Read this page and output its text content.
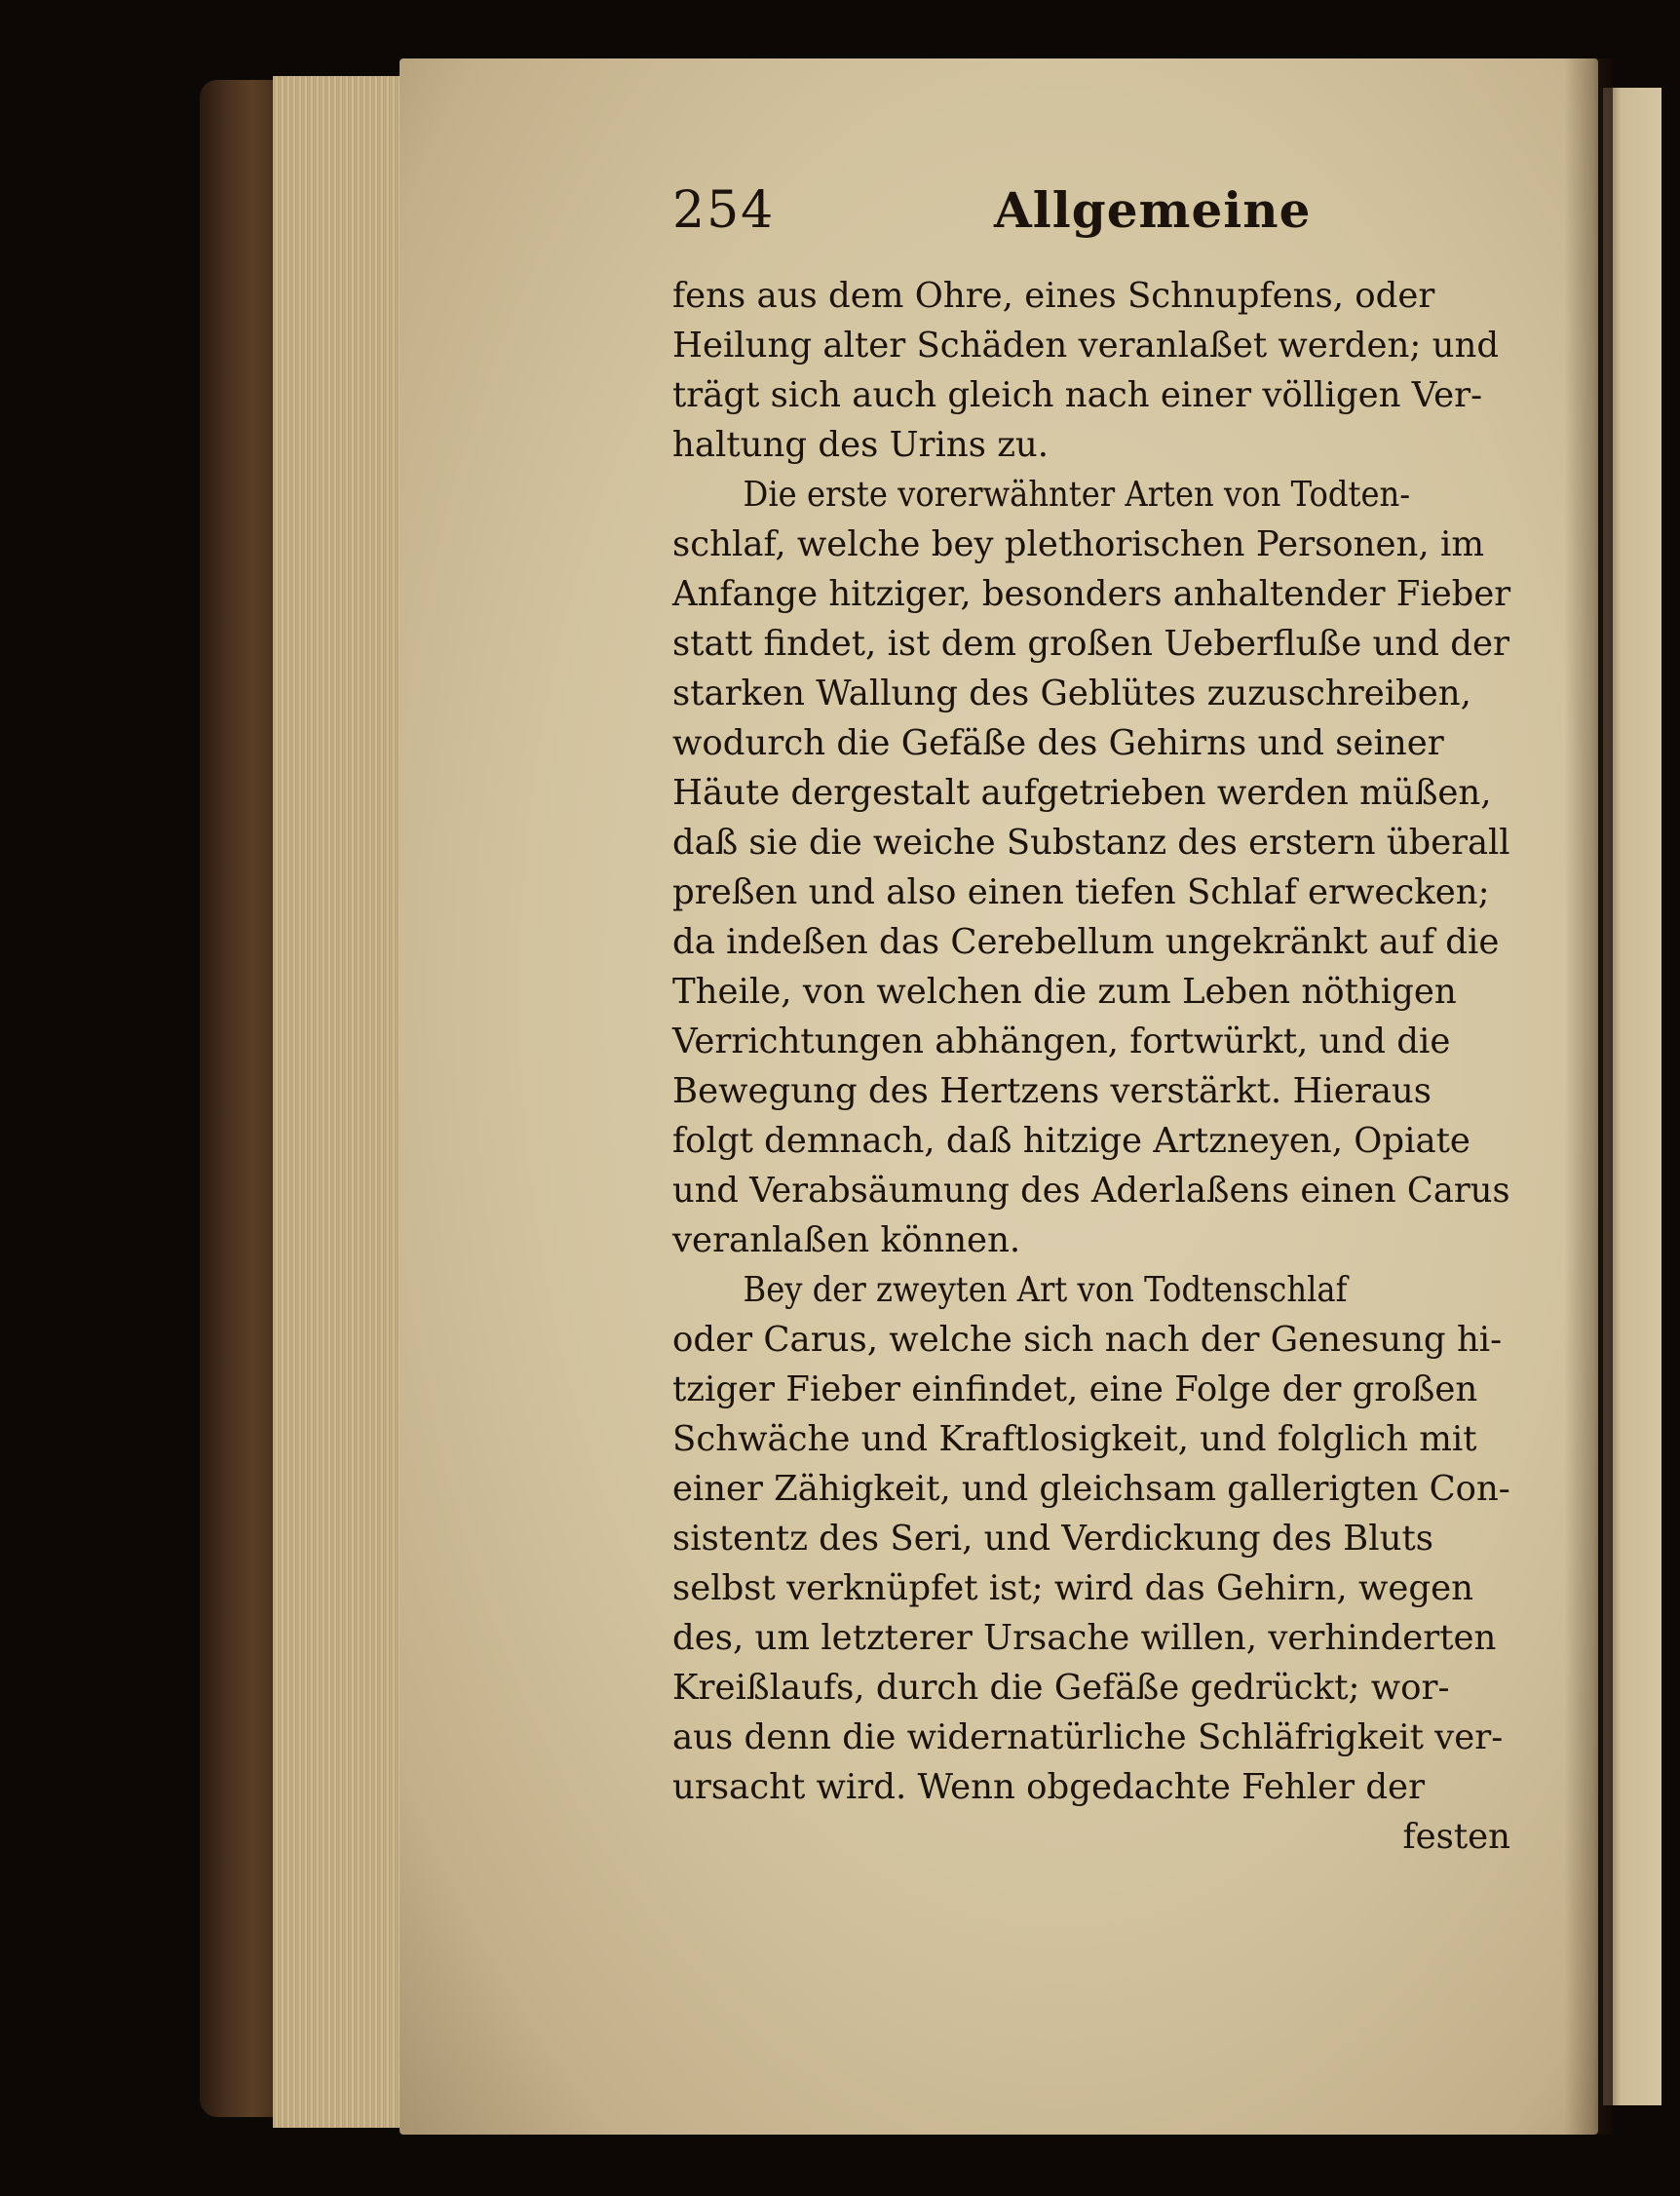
254	Allgemeine

fens aus dem Ohre, eines Schnupfens, oder
Heilung alter Schäden veranlaßet werden; und
trägt sich auch gleich nach einer völligen Ver-
haltung des Urins zu.

Die erste vorerwähnter Arten von Todten-
schlaf, welche bey plethorischen Personen, im
Anfange hitziger, besonders anhaltender Fieber
statt findet, ist dem großen Ueberfluße und der
starken Wallung des Geblütes zuzuschreiben,
wodurch die Gefäße des Gehirns und seiner
Häute dergestalt aufgetrieben werden müßen,
daß sie die weiche Substanz des erstern überall
preßen und also einen tiefen Schlaf erwecken;
da indeßen das Cerebellum ungekränkt auf die
Theile, von welchen die zum Leben nöthigen
Verrichtungen abhängen, fortwürkt, und die
Bewegung des Hertzens verstärkt. Hieraus
folgt demnach, daß hitzige Artzneyen, Opiate
und Verabsäumung des Aderlaßens einen Carus
veranlaßen können.

Bey der zweyten Art von Todtenschlaf
oder Carus, welche sich nach der Genesung hi-
tziger Fieber einfindet, eine Folge der großen
Schwäche und Kraftlosigkeit, und folglich mit
einer Zähigkeit, und gleichsam gallerigten Con-
sistentz des Seri, und Verdickung des Bluts
selbst verknüpfet ist; wird das Gehirn, wegen
des, um letzterer Ursache willen, verhinderten
Kreißlaufs, durch die Gefäße gedrückt; wor-
aus denn die widernatürliche Schläfrigkeit ver-
ursacht wird. Wenn obgedachte Fehler der

festen
